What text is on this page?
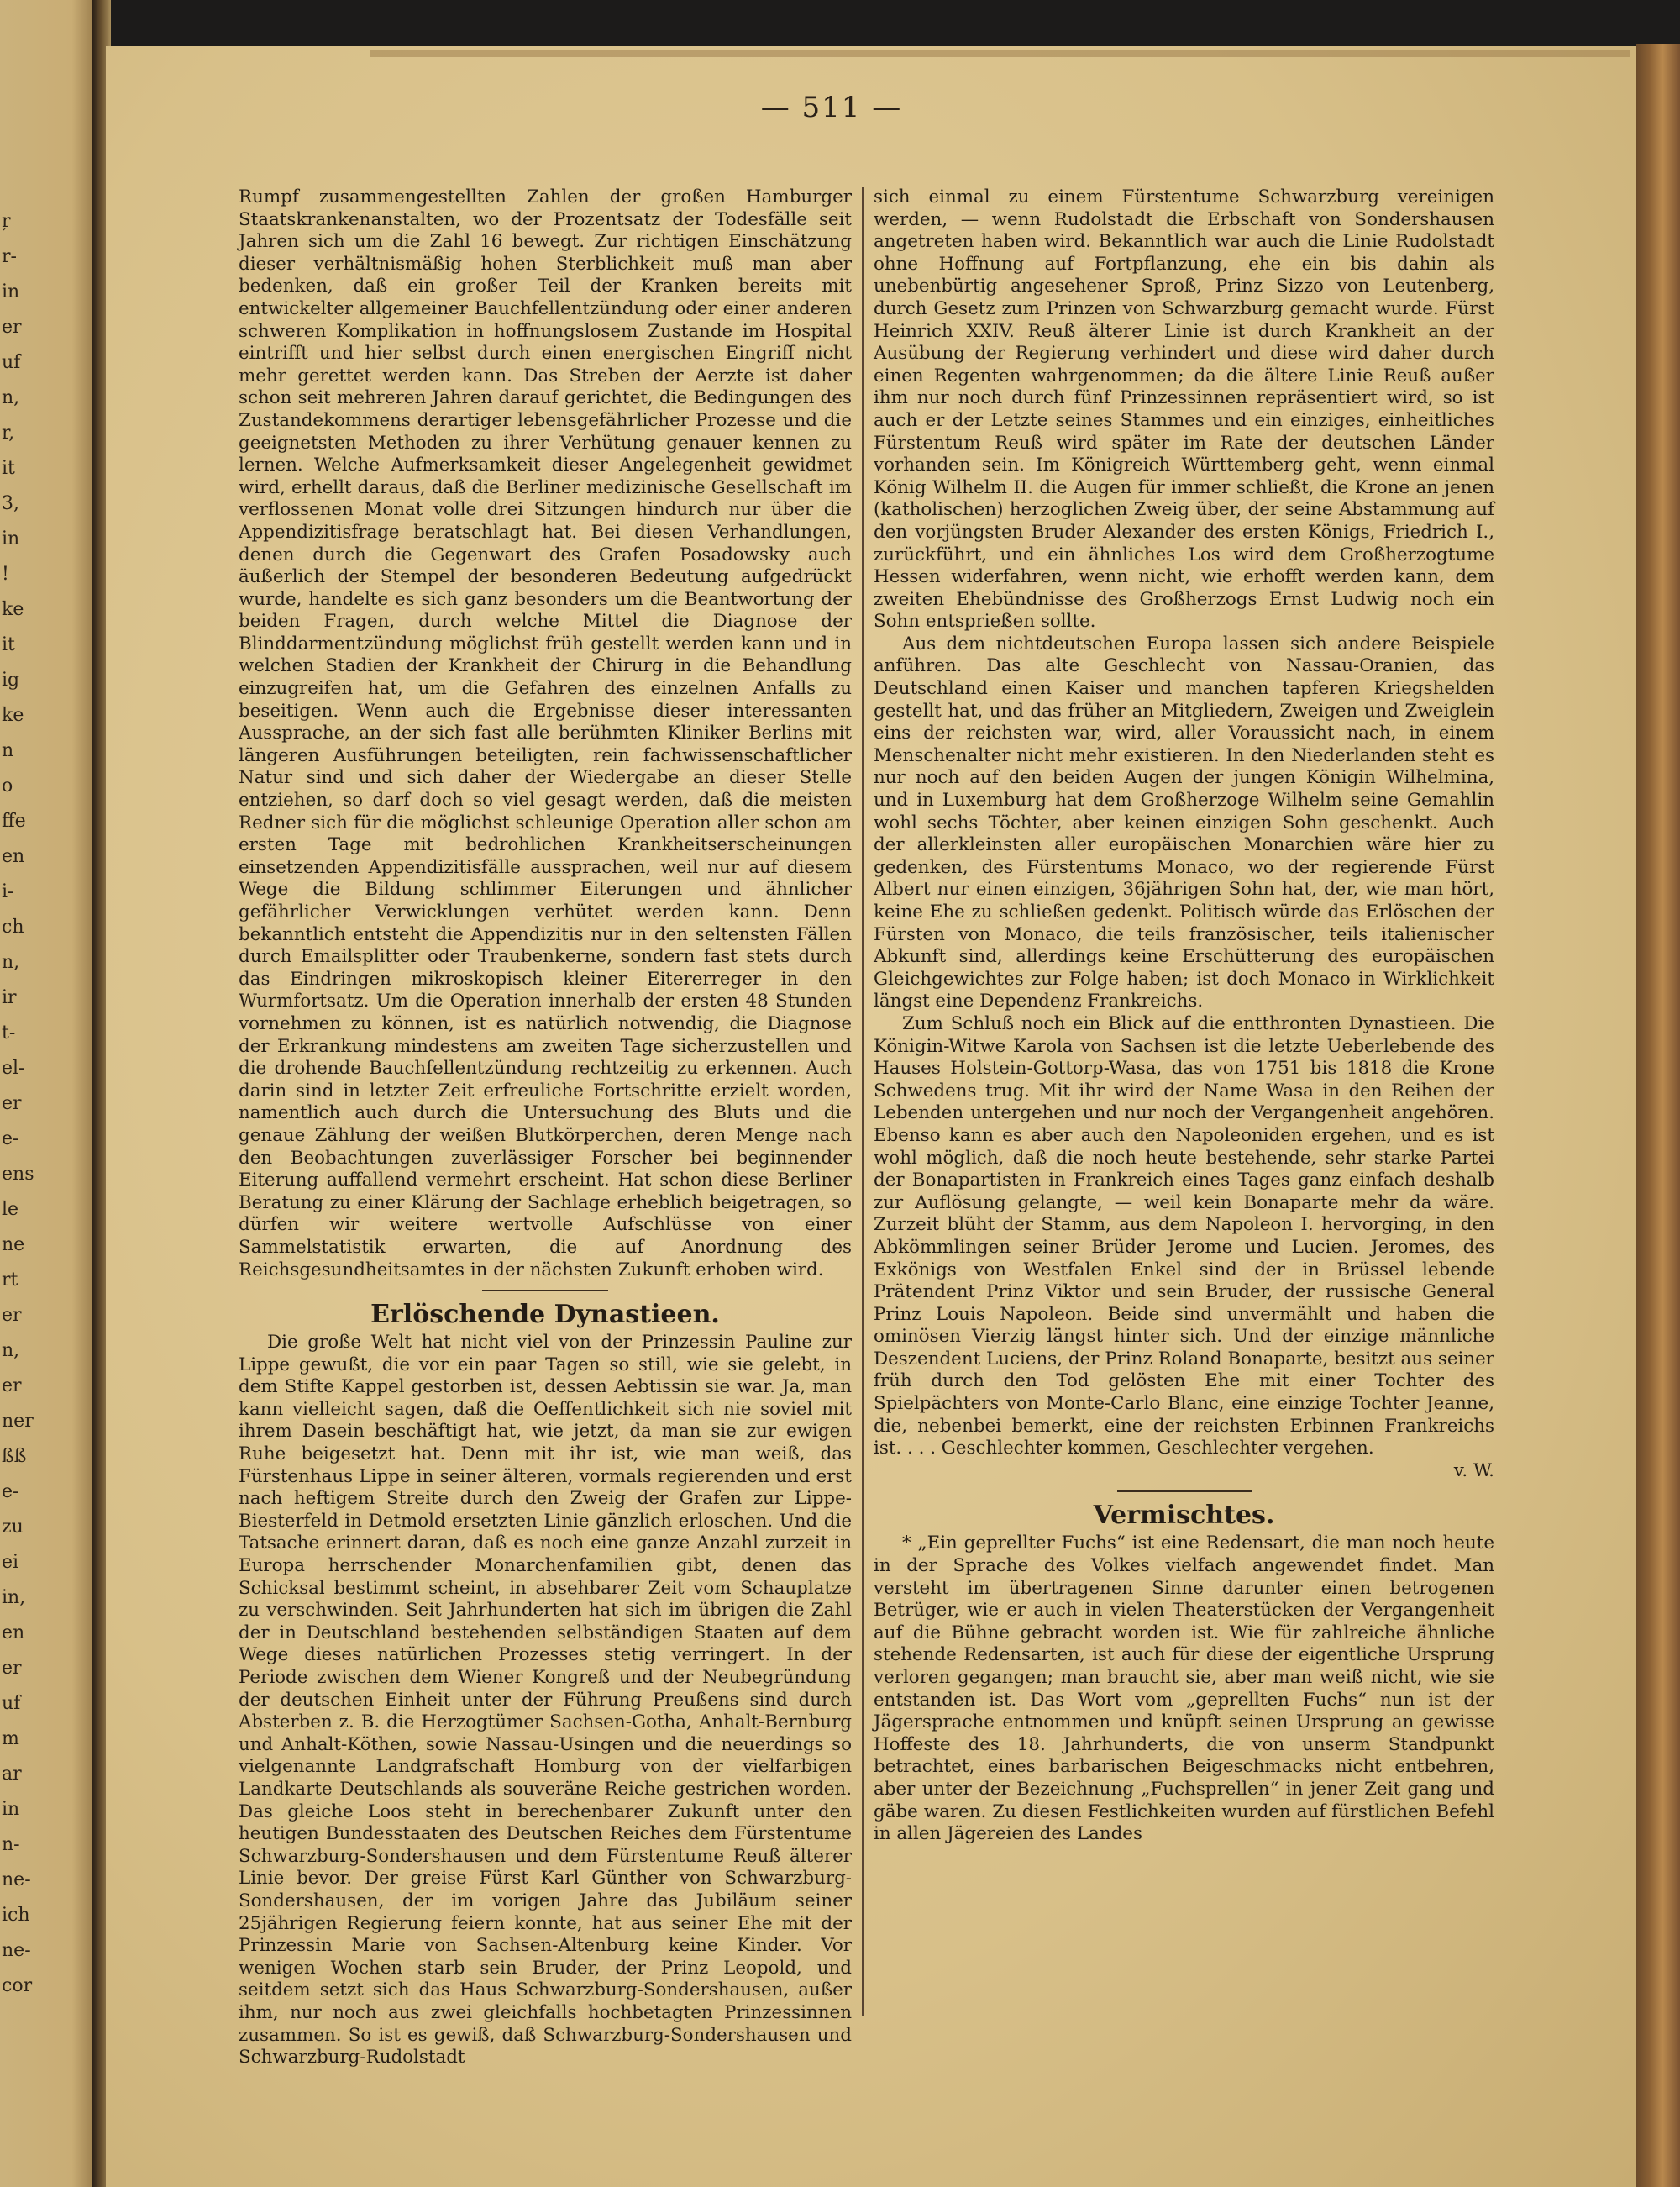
ŗ
r-
in
er
uf
n,
r,
it
3,
in
!
ke
it
ig
ke
n
o
ffe
en
i-
ch
n,
ir
t-
el-
er
e-
ens
le
ne
rt
er
n,
er
ner
ßß
e-
zu
ei
in,
en
er
uf
m
ar
in
n-
ne-
ich
ne-
cor
— 511 —

Rumpf zusammengestellten Zahlen der großen Hamburger Staatskrankenanstalten, wo der Prozentsatz der Todesfälle seit Jahren sich um die Zahl 16 bewegt. Zur richtigen Einschätzung dieser verhältnismäßig hohen Sterblichkeit muß man aber bedenken, daß ein großer Teil der Kranken bereits mit entwickelter allgemeiner Bauchfellentzündung oder einer anderen schweren Komplikation in hoffnungslosem Zustande im Hospital eintrifft und hier selbst durch einen energischen Eingriff nicht mehr gerettet werden kann. Das Streben der Aerzte ist daher schon seit mehreren Jahren darauf gerichtet, die Bedingungen des Zustandekommens derartiger lebensgefährlicher Prozesse und die geeignetsten Methoden zu ihrer Verhütung genauer kennen zu lernen. Welche Aufmerksamkeit dieser Angelegenheit gewidmet wird, erhellt daraus, daß die Berliner medizinische Gesellschaft im verflossenen Monat volle drei Sitzungen hindurch nur über die Appendizitisfrage beratschlagt hat. Bei diesen Verhandlungen, denen durch die Gegenwart des Grafen Posadowsky auch äußerlich der Stempel der besonderen Bedeutung aufgedrückt wurde, handelte es sich ganz besonders um die Beantwortung der beiden Fragen, durch welche Mittel die Diagnose der Blinddarmentzündung möglichst früh gestellt werden kann und in welchen Stadien der Krankheit der Chirurg in die Behandlung einzugreifen hat, um die Gefahren des einzelnen Anfalls zu beseitigen. Wenn auch die Ergebnisse dieser interessanten Aussprache, an der sich fast alle berühmten Kliniker Berlins mit längeren Ausführungen beteiligten, rein fachwissenschaftlicher Natur sind und sich daher der Wiedergabe an dieser Stelle entziehen, so darf doch so viel gesagt werden, daß die meisten Redner sich für die möglichst schleunige Operation aller schon am ersten Tage mit bedrohlichen Krankheitserscheinungen einsetzenden Appendizitisfälle aussprachen, weil nur auf diesem Wege die Bildung schlimmer Eiterungen und ähnlicher gefährlicher Verwicklungen verhütet werden kann. Denn bekanntlich entsteht die Appendizitis nur in den seltensten Fällen durch Emailsplitter oder Traubenkerne, sondern fast stets durch das Eindringen mikroskopisch kleiner Eitererreger in den Wurmfortsatz. Um die Operation innerhalb der ersten 48 Stunden vornehmen zu können, ist es natürlich notwendig, die Diagnose der Erkrankung mindestens am zweiten Tage sicherzustellen und die drohende Bauchfellentzündung rechtzeitig zu erkennen. Auch darin sind in letzter Zeit erfreuliche Fortschritte erzielt worden, namentlich auch durch die Untersuchung des Bluts und die genaue Zählung der weißen Blutkörperchen, deren Menge nach den Beobachtungen zuverlässiger Forscher bei beginnender Eiterung auffallend vermehrt erscheint. Hat schon diese Berliner Beratung zu einer Klärung der Sachlage erheblich beigetragen, so dürfen wir weitere wertvolle Aufschlüsse von einer Sammelstatistik erwarten, die auf Anordnung des Reichsgesundheitsamtes in der nächsten Zukunft erhoben wird.

Erlöschende Dynastieen.

Die große Welt hat nicht viel von der Prinzessin Pauline zur Lippe gewußt, die vor ein paar Tagen so still, wie sie gelebt, in dem Stifte Kappel gestorben ist, dessen Aebtissin sie war. Ja, man kann vielleicht sagen, daß die Oeffentlichkeit sich nie soviel mit ihrem Dasein beschäftigt hat, wie jetzt, da man sie zur ewigen Ruhe beigesetzt hat. Denn mit ihr ist, wie man weiß, das Fürstenhaus Lippe in seiner älteren, vormals regierenden und erst nach heftigem Streite durch den Zweig der Grafen zur Lippe-Biesterfeld in Detmold ersetzten Linie gänzlich erloschen. Und die Tatsache erinnert daran, daß es noch eine ganze Anzahl zurzeit in Europa herrschender Monarchenfamilien gibt, denen das Schicksal bestimmt scheint, in absehbarer Zeit vom Schauplatze zu verschwinden. Seit Jahrhunderten hat sich im übrigen die Zahl der in Deutschland bestehenden selbständigen Staaten auf dem Wege dieses natürlichen Prozesses stetig verringert. In der Periode zwischen dem Wiener Kongreß und der Neubegründung der deutschen Einheit unter der Führung Preußens sind durch Absterben z. B. die Herzogtümer Sachsen-Gotha, Anhalt-Bernburg und Anhalt-Köthen, sowie Nassau-Usingen und die neuerdings so vielgenannte Landgrafschaft Homburg von der vielfarbigen Landkarte Deutschlands als souveräne Reiche gestrichen worden. Das gleiche Loos steht in berechenbarer Zukunft unter den heutigen Bundesstaaten des Deutschen Reiches dem Fürstentume Schwarzburg-Sondershausen und dem Fürstentume Reuß älterer Linie bevor. Der greise Fürst Karl Günther von Schwarzburg-Sondershausen, der im vorigen Jahre das Jubiläum seiner 25jährigen Regierung feiern konnte, hat aus seiner Ehe mit der Prinzessin Marie von Sachsen-Altenburg keine Kinder. Vor wenigen Wochen starb sein Bruder, der Prinz Leopold, und seitdem setzt sich das Haus Schwarzburg-Sondershausen, außer ihm, nur noch aus zwei gleichfalls hochbetagten Prinzessinnen zusammen. So ist es gewiß, daß Schwarzburg-Sondershausen und Schwarzburg-Rudolstadt

sich einmal zu einem Fürstentume Schwarzburg vereinigen werden, — wenn Rudolstadt die Erbschaft von Sondershausen angetreten haben wird. Bekanntlich war auch die Linie Rudolstadt ohne Hoffnung auf Fortpflanzung, ehe ein bis dahin als unebenbürtig angesehener Sproß, Prinz Sizzo von Leutenberg, durch Gesetz zum Prinzen von Schwarzburg gemacht wurde. Fürst Heinrich XXIV. Reuß älterer Linie ist durch Krankheit an der Ausübung der Regierung verhindert und diese wird daher durch einen Regenten wahrgenommen; da die ältere Linie Reuß außer ihm nur noch durch fünf Prinzessinnen repräsentiert wird, so ist auch er der Letzte seines Stammes und ein einziges, einheitliches Fürstentum Reuß wird später im Rate der deutschen Länder vorhanden sein. Im Königreich Württemberg geht, wenn einmal König Wilhelm II. die Augen für immer schließt, die Krone an jenen (katholischen) herzoglichen Zweig über, der seine Abstammung auf den vorjüngsten Bruder Alexander des ersten Königs, Friedrich I., zurückführt, und ein ähnliches Los wird dem Großherzogtume Hessen widerfahren, wenn nicht, wie erhofft werden kann, dem zweiten Ehebündnisse des Großherzogs Ernst Ludwig noch ein Sohn entsprießen sollte.

Aus dem nichtdeutschen Europa lassen sich andere Beispiele anführen. Das alte Geschlecht von Nassau-Oranien, das Deutschland einen Kaiser und manchen tapferen Kriegshelden gestellt hat, und das früher an Mitgliedern, Zweigen und Zweiglein eins der reichsten war, wird, aller Voraussicht nach, in einem Menschenalter nicht mehr existieren. In den Niederlanden steht es nur noch auf den beiden Augen der jungen Königin Wilhelmina, und in Luxemburg hat dem Großherzoge Wilhelm seine Gemahlin wohl sechs Töchter, aber keinen einzigen Sohn geschenkt. Auch der allerkleinsten aller europäischen Monarchien wäre hier zu gedenken, des Fürstentums Monaco, wo der regierende Fürst Albert nur einen einzigen, 36jährigen Sohn hat, der, wie man hört, keine Ehe zu schließen gedenkt. Politisch würde das Erlöschen der Fürsten von Monaco, die teils französischer, teils italienischer Abkunft sind, allerdings keine Erschütterung des europäischen Gleichgewichtes zur Folge haben; ist doch Monaco in Wirklichkeit längst eine Dependenz Frankreichs.

Zum Schluß noch ein Blick auf die entthronten Dynastieen. Die Königin-Witwe Karola von Sachsen ist die letzte Ueberlebende des Hauses Holstein-Gottorp-Wasa, das von 1751 bis 1818 die Krone Schwedens trug. Mit ihr wird der Name Wasa in den Reihen der Lebenden untergehen und nur noch der Vergangenheit angehören. Ebenso kann es aber auch den Napoleoniden ergehen, und es ist wohl möglich, daß die noch heute bestehende, sehr starke Partei der Bonapartisten in Frankreich eines Tages ganz einfach deshalb zur Auflösung gelangte, — weil kein Bonaparte mehr da wäre. Zurzeit blüht der Stamm, aus dem Napoleon I. hervorging, in den Abkömmlingen seiner Brüder Jerome und Lucien. Jeromes, des Exkönigs von Westfalen Enkel sind der in Brüssel lebende Prätendent Prinz Viktor und sein Bruder, der russische General Prinz Louis Napoleon. Beide sind unvermählt und haben die ominösen Vierzig längst hinter sich. Und der einzige männliche Deszendent Luciens, der Prinz Roland Bonaparte, besitzt aus seiner früh durch den Tod gelösten Ehe mit einer Tochter des Spielpächters von Monte-Carlo Blanc, eine einzige Tochter Jeanne, die, nebenbei bemerkt, eine der reichsten Erbinnen Frankreichs ist. . . . Geschlechter kommen, Geschlechter vergehen.

v. W.

Vermischtes.

* „Ein geprellter Fuchs“ ist eine Redensart, die man noch heute in der Sprache des Volkes vielfach angewendet findet. Man versteht im übertragenen Sinne darunter einen betrogenen Betrüger, wie er auch in vielen Theaterstücken der Vergangenheit auf die Bühne gebracht worden ist. Wie für zahlreiche ähnliche stehende Redensarten, ist auch für diese der eigentliche Ursprung verloren gegangen; man braucht sie, aber man weiß nicht, wie sie entstanden ist. Das Wort vom „geprellten Fuchs“ nun ist der Jägersprache entnommen und knüpft seinen Ursprung an gewisse Hoffeste des 18. Jahrhunderts, die von unserm Standpunkt betrachtet, eines barbarischen Beigeschmacks nicht entbehren, aber unter der Bezeichnung „Fuchsprellen“ in jener Zeit gang und gäbe waren. Zu diesen Festlichkeiten wurden auf fürstlichen Befehl in allen Jägereien des Landes
